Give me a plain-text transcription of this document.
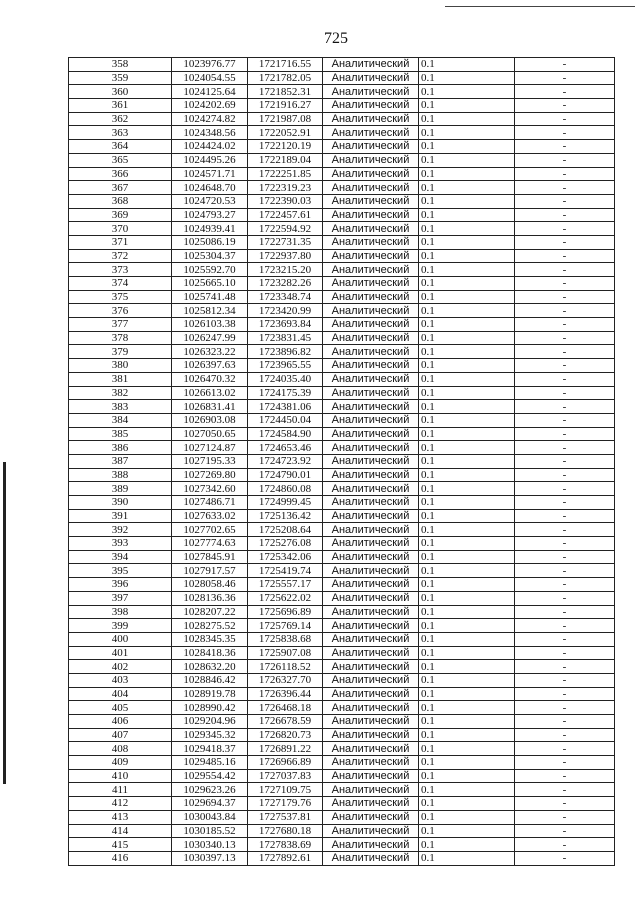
725
358	1023976.77	1721716.55	Аналитический	0.1	-
359	1024054.55	1721782.05	Аналитический	0.1	-
360	1024125.64	1721852.31	Аналитический	0.1	-
361	1024202.69	1721916.27	Аналитический	0.1	-
362	1024274.82	1721987.08	Аналитический	0.1	-
363	1024348.56	1722052.91	Аналитический	0.1	-
364	1024424.02	1722120.19	Аналитический	0.1	-
365	1024495.26	1722189.04	Аналитический	0.1	-
366	1024571.71	1722251.85	Аналитический	0.1	-
367	1024648.70	1722319.23	Аналитический	0.1	-
368	1024720.53	1722390.03	Аналитический	0.1	-
369	1024793.27	1722457.61	Аналитический	0.1	-
370	1024939.41	1722594.92	Аналитический	0.1	-
371	1025086.19	1722731.35	Аналитический	0.1	-
372	1025304.37	1722937.80	Аналитический	0.1	-
373	1025592.70	1723215.20	Аналитический	0.1	-
374	1025665.10	1723282.26	Аналитический	0.1	-
375	1025741.48	1723348.74	Аналитический	0.1	-
376	1025812.34	1723420.99	Аналитический	0.1	-
377	1026103.38	1723693.84	Аналитический	0.1	-
378	1026247.99	1723831.45	Аналитический	0.1	-
379	1026323.22	1723896.82	Аналитический	0.1	-
380	1026397.63	1723965.55	Аналитический	0.1	-
381	1026470.32	1724035.40	Аналитический	0.1	-
382	1026613.02	1724175.39	Аналитический	0.1	-
383	1026831.41	1724381.06	Аналитический	0.1	-
384	1026903.08	1724450.04	Аналитический	0.1	-
385	1027050.65	1724584.90	Аналитический	0.1	-
386	1027124.87	1724653.46	Аналитический	0.1	-
387	1027195.33	1724723.92	Аналитический	0.1	-
388	1027269.80	1724790.01	Аналитический	0.1	-
389	1027342.60	1724860.08	Аналитический	0.1	-
390	1027486.71	1724999.45	Аналитический	0.1	-
391	1027633.02	1725136.42	Аналитический	0.1	-
392	1027702.65	1725208.64	Аналитический	0.1	-
393	1027774.63	1725276.08	Аналитический	0.1	-
394	1027845.91	1725342.06	Аналитический	0.1	-
395	1027917.57	1725419.74	Аналитический	0.1	-
396	1028058.46	1725557.17	Аналитический	0.1	-
397	1028136.36	1725622.02	Аналитический	0.1	-
398	1028207.22	1725696.89	Аналитический	0.1	-
399	1028275.52	1725769.14	Аналитический	0.1	-
400	1028345.35	1725838.68	Аналитический	0.1	-
401	1028418.36	1725907.08	Аналитический	0.1	-
402	1028632.20	1726118.52	Аналитический	0.1	-
403	1028846.42	1726327.70	Аналитический	0.1	-
404	1028919.78	1726396.44	Аналитический	0.1	-
405	1028990.42	1726468.18	Аналитический	0.1	-
406	1029204.96	1726678.59	Аналитический	0.1	-
407	1029345.32	1726820.73	Аналитический	0.1	-
408	1029418.37	1726891.22	Аналитический	0.1	-
409	1029485.16	1726966.89	Аналитический	0.1	-
410	1029554.42	1727037.83	Аналитический	0.1	-
411	1029623.26	1727109.75	Аналитический	0.1	-
412	1029694.37	1727179.76	Аналитический	0.1	-
413	1030043.84	1727537.81	Аналитический	0.1	-
414	1030185.52	1727680.18	Аналитический	0.1	-
415	1030340.13	1727838.69	Аналитический	0.1	-
416	1030397.13	1727892.61	Аналитический	0.1	-
